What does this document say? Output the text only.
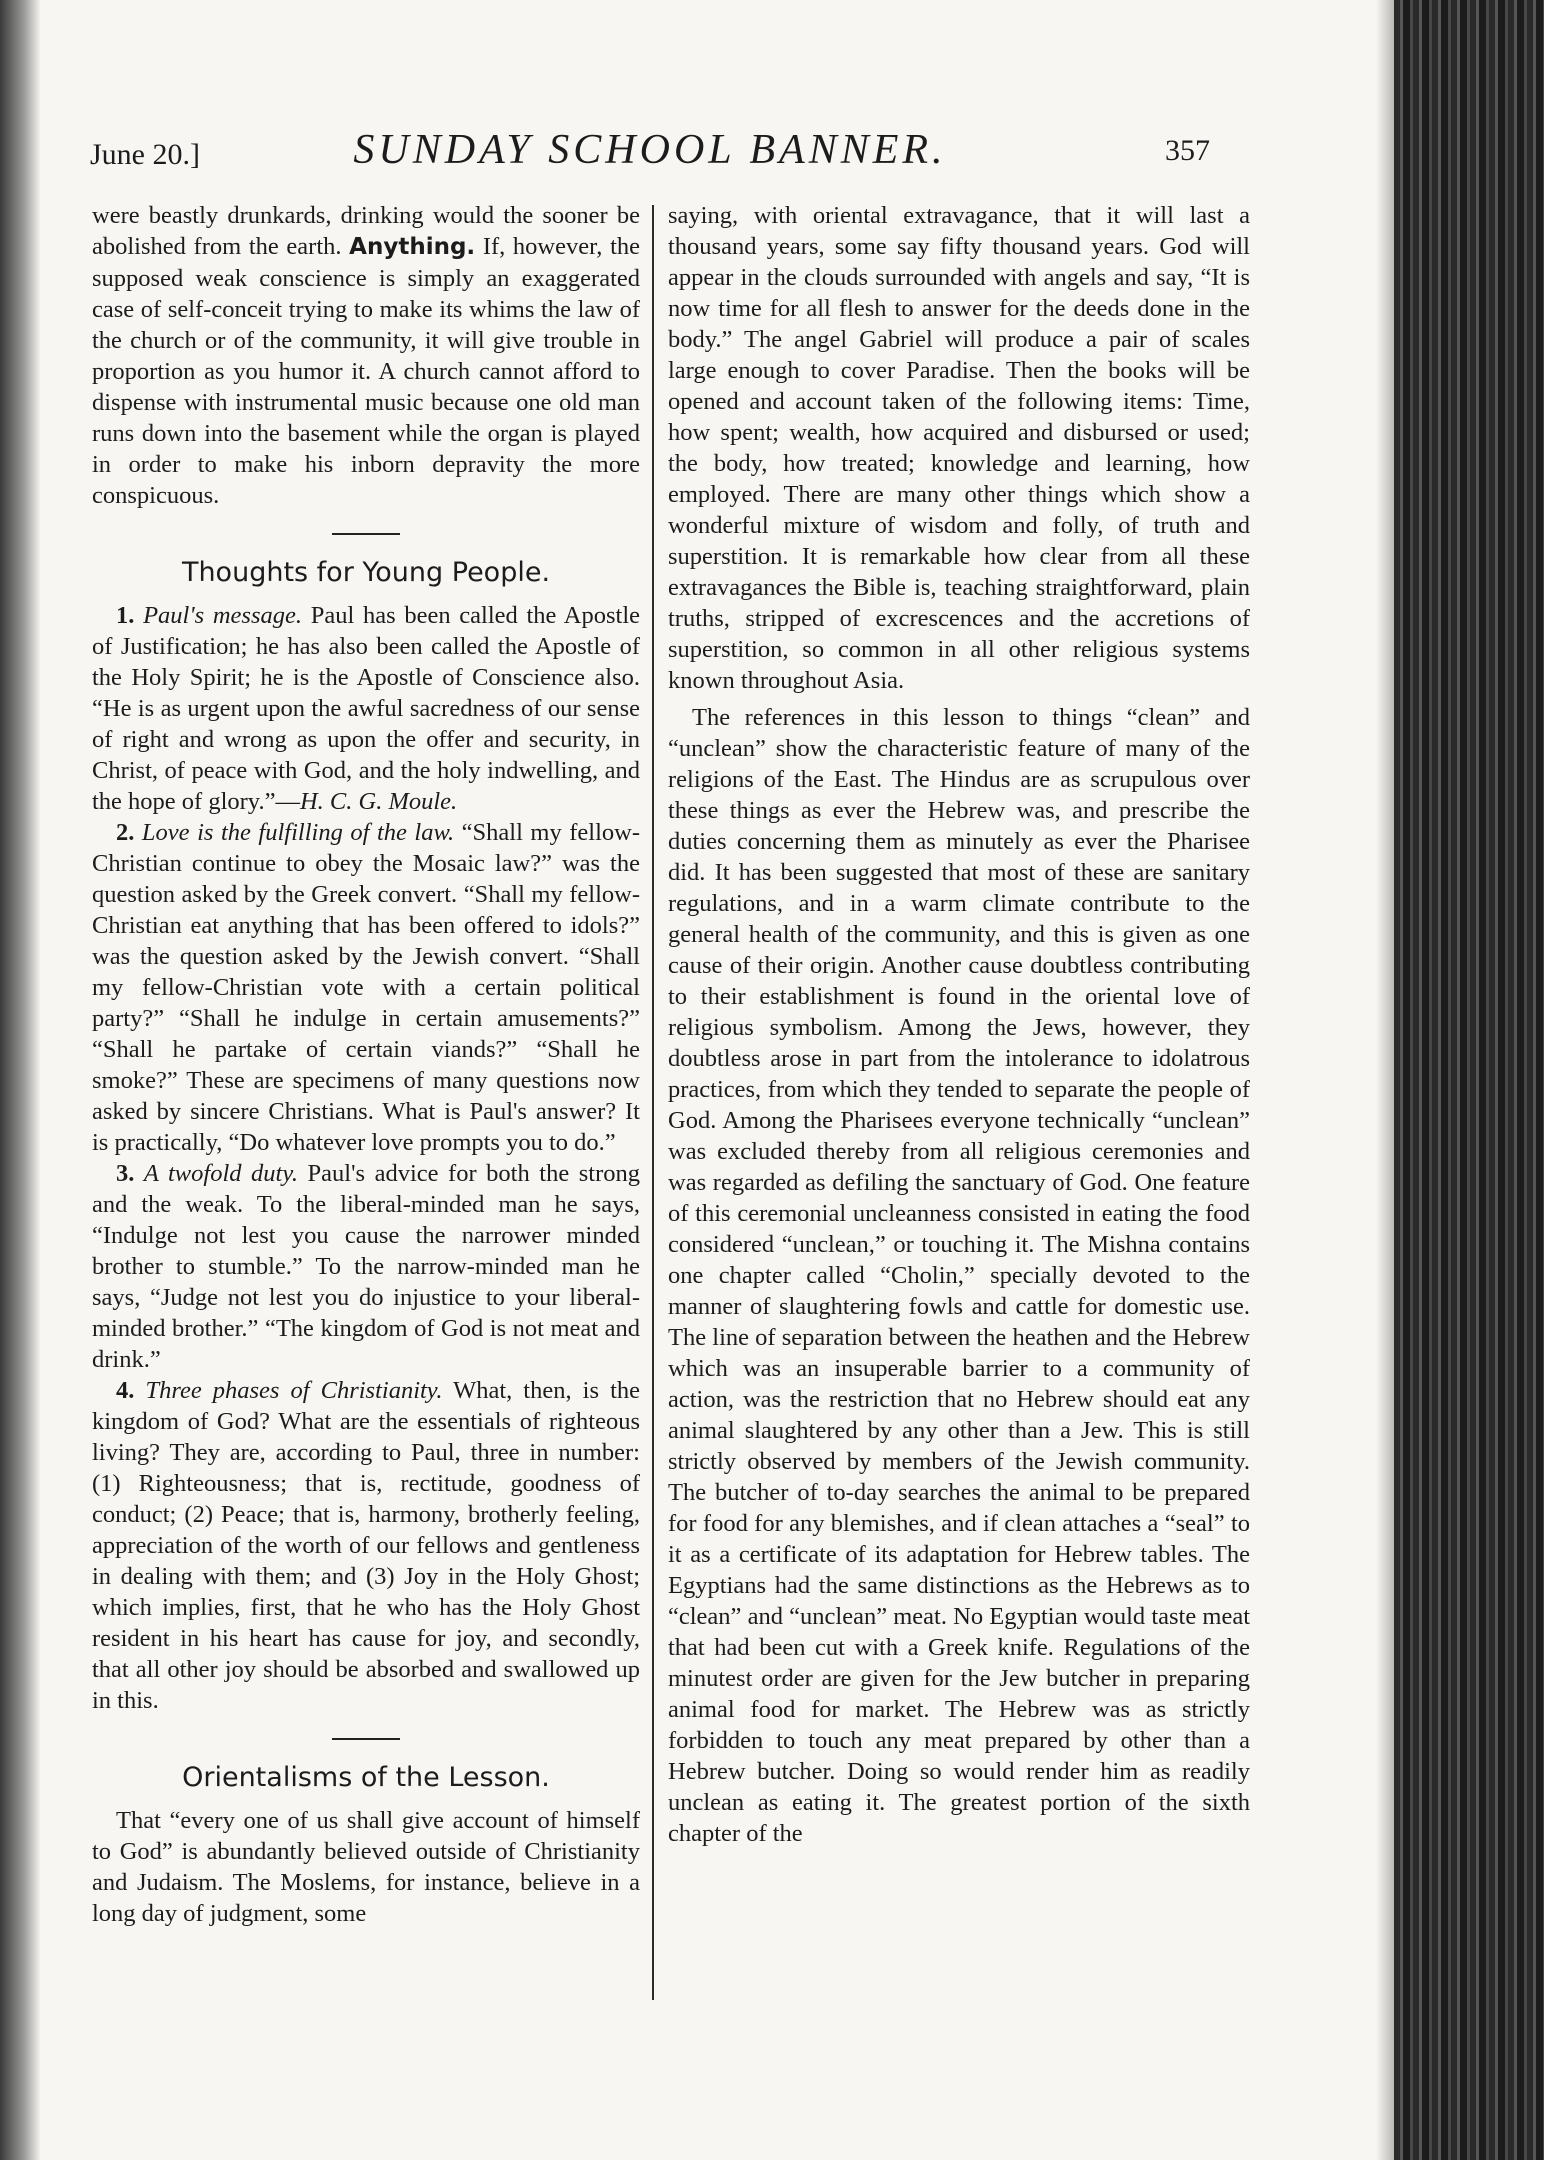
June 20.]	SUNDAY SCHOOL BANNER.	357

were beastly drunkards, drinking would the sooner be abolished from the earth. Anything. If, however, the supposed weak conscience is simply an exaggerated case of self-conceit trying to make its whims the law of the church or of the community, it will give trouble in proportion as you humor it. A church cannot afford to dispense with instrumental music because one old man runs down into the basement while the organ is played in order to make his inborn depravity the more conspicuous.

Thoughts for Young People.

1. Paul's message. Paul has been called the Apostle of Justification; he has also been called the Apostle of the Holy Spirit; he is the Apostle of Conscience also. “He is as urgent upon the awful sacredness of our sense of right and wrong as upon the offer and security, in Christ, of peace with God, and the holy indwelling, and the hope of glory.”—H. C. G. Moule.

2. Love is the fulfilling of the law. “Shall my fellow-Christian continue to obey the Mosaic law?” was the question asked by the Greek convert. “Shall my fellow-Christian eat anything that has been offered to idols?” was the question asked by the Jewish convert. “Shall my fellow-Christian vote with a certain political party?” “Shall he indulge in certain amusements?” “Shall he partake of certain viands?” “Shall he smoke?” These are specimens of many questions now asked by sincere Christians. What is Paul's answer? It is practically, “Do whatever love prompts you to do.”

3. A twofold duty. Paul's advice for both the strong and the weak. To the liberal-minded man he says, “Indulge not lest you cause the narrower minded brother to stumble.” To the narrow-minded man he says, “Judge not lest you do injustice to your liberal-minded brother.” “The kingdom of God is not meat and drink.”

4. Three phases of Christianity. What, then, is the kingdom of God? What are the essentials of righteous living? They are, according to Paul, three in number: (1) Righteousness; that is, rectitude, goodness of conduct; (2) Peace; that is, harmony, brotherly feeling, appreciation of the worth of our fellows and gentleness in dealing with them; and (3) Joy in the Holy Ghost; which implies, first, that he who has the Holy Ghost resident in his heart has cause for joy, and secondly, that all other joy should be absorbed and swallowed up in this.

Orientalisms of the Lesson.

That “every one of us shall give account of himself to God” is abundantly believed outside of Christianity and Judaism. The Moslems, for instance, believe in a long day of judgment, some

saying, with oriental extravagance, that it will last a thousand years, some say fifty thousand years. God will appear in the clouds surrounded with angels and say, “It is now time for all flesh to answer for the deeds done in the body.” The angel Gabriel will produce a pair of scales large enough to cover Paradise. Then the books will be opened and account taken of the following items: Time, how spent; wealth, how acquired and disbursed or used; the body, how treated; knowledge and learning, how employed. There are many other things which show a wonderful mixture of wisdom and folly, of truth and superstition. It is remarkable how clear from all these extravagances the Bible is, teaching straightforward, plain truths, stripped of excrescences and the accretions of superstition, so common in all other religious systems known throughout Asia.

The references in this lesson to things “clean” and “unclean” show the characteristic feature of many of the religions of the East. The Hindus are as scrupulous over these things as ever the Hebrew was, and prescribe the duties concerning them as minutely as ever the Pharisee did. It has been suggested that most of these are sanitary regulations, and in a warm climate contribute to the general health of the community, and this is given as one cause of their origin. Another cause doubtless contributing to their establishment is found in the oriental love of religious symbolism. Among the Jews, however, they doubtless arose in part from the intolerance to idolatrous practices, from which they tended to separate the people of God. Among the Pharisees everyone technically “unclean” was excluded thereby from all religious ceremonies and was regarded as defiling the sanctuary of God. One feature of this ceremonial uncleanness consisted in eating the food considered “unclean,” or touching it. The Mishna contains one chapter called “Cholin,” specially devoted to the manner of slaughtering fowls and cattle for domestic use. The line of separation between the heathen and the Hebrew which was an insuperable barrier to a community of action, was the restriction that no Hebrew should eat any animal slaughtered by any other than a Jew. This is still strictly observed by members of the Jewish community. The butcher of to-day searches the animal to be prepared for food for any blemishes, and if clean attaches a “seal” to it as a certificate of its adaptation for Hebrew tables. The Egyptians had the same distinctions as the Hebrews as to “clean” and “unclean” meat. No Egyptian would taste meat that had been cut with a Greek knife. Regulations of the minutest order are given for the Jew butcher in preparing animal food for market. The Hebrew was as strictly forbidden to touch any meat prepared by other than a Hebrew butcher. Doing so would render him as readily unclean as eating it. The greatest portion of the sixth chapter of the
